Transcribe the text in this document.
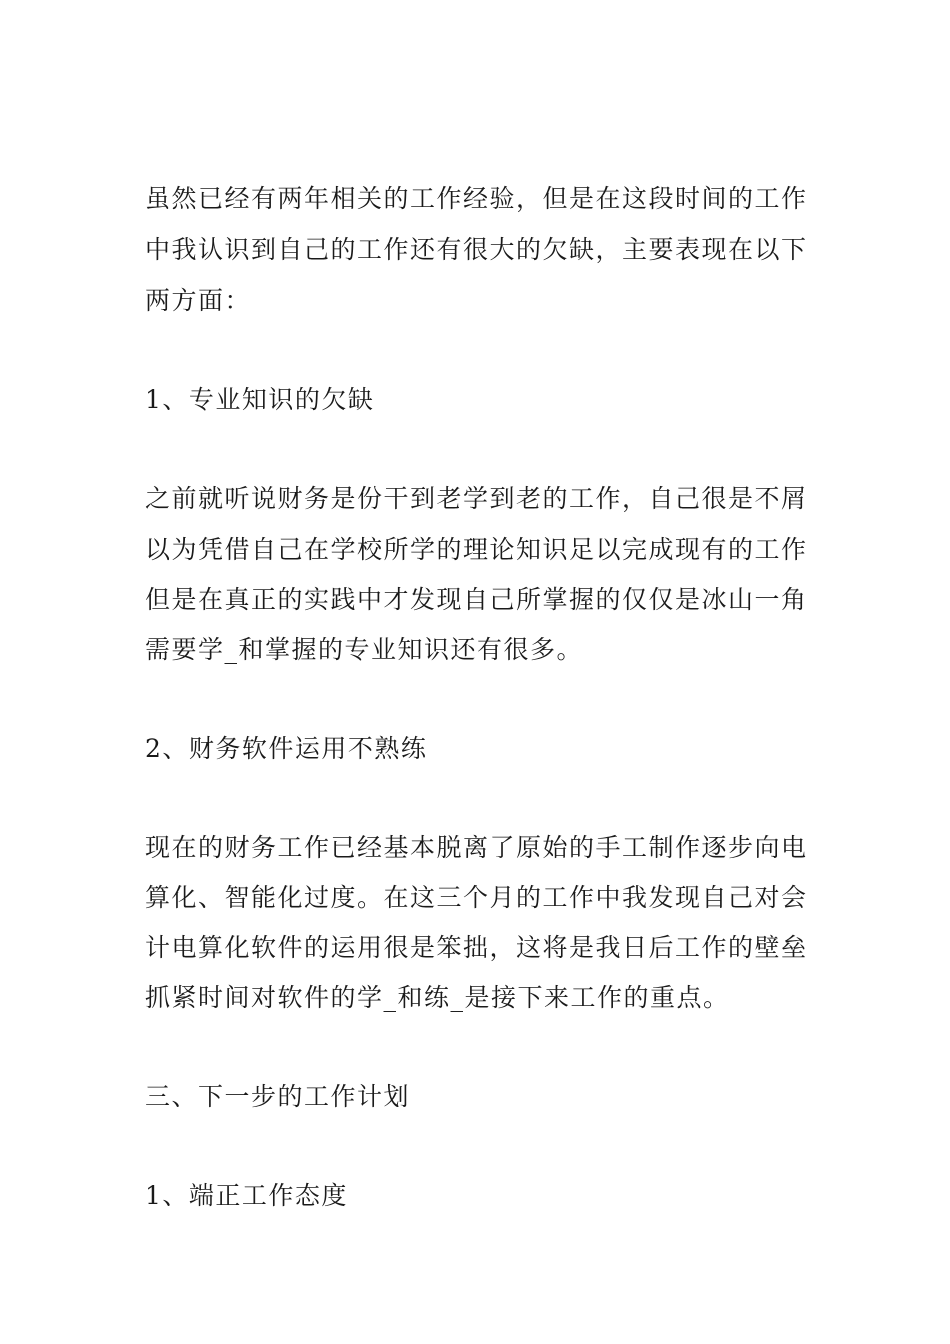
虽然已经有两年相关的工作经验，但是在这段时间的工作

中我认识到自己的工作还有很大的欠缺，主要表现在以下

两方面：

1、专业知识的欠缺

之前就听说财务是份干到老学到老的工作，自己很是不屑

以为凭借自己在学校所学的理论知识足以完成现有的工作

但是在真正的实践中才发现自己所掌握的仅仅是冰山一角

需要学_和掌握的专业知识还有很多。

2、财务软件运用不熟练

现在的财务工作已经基本脱离了原始的手工制作逐步向电

算化、智能化过度。在这三个月的工作中我发现自己对会

计电算化软件的运用很是笨拙，这将是我日后工作的壁垒

抓紧时间对软件的学_和练_是接下来工作的重点。

三、下一步的工作计划

1、端正工作态度
